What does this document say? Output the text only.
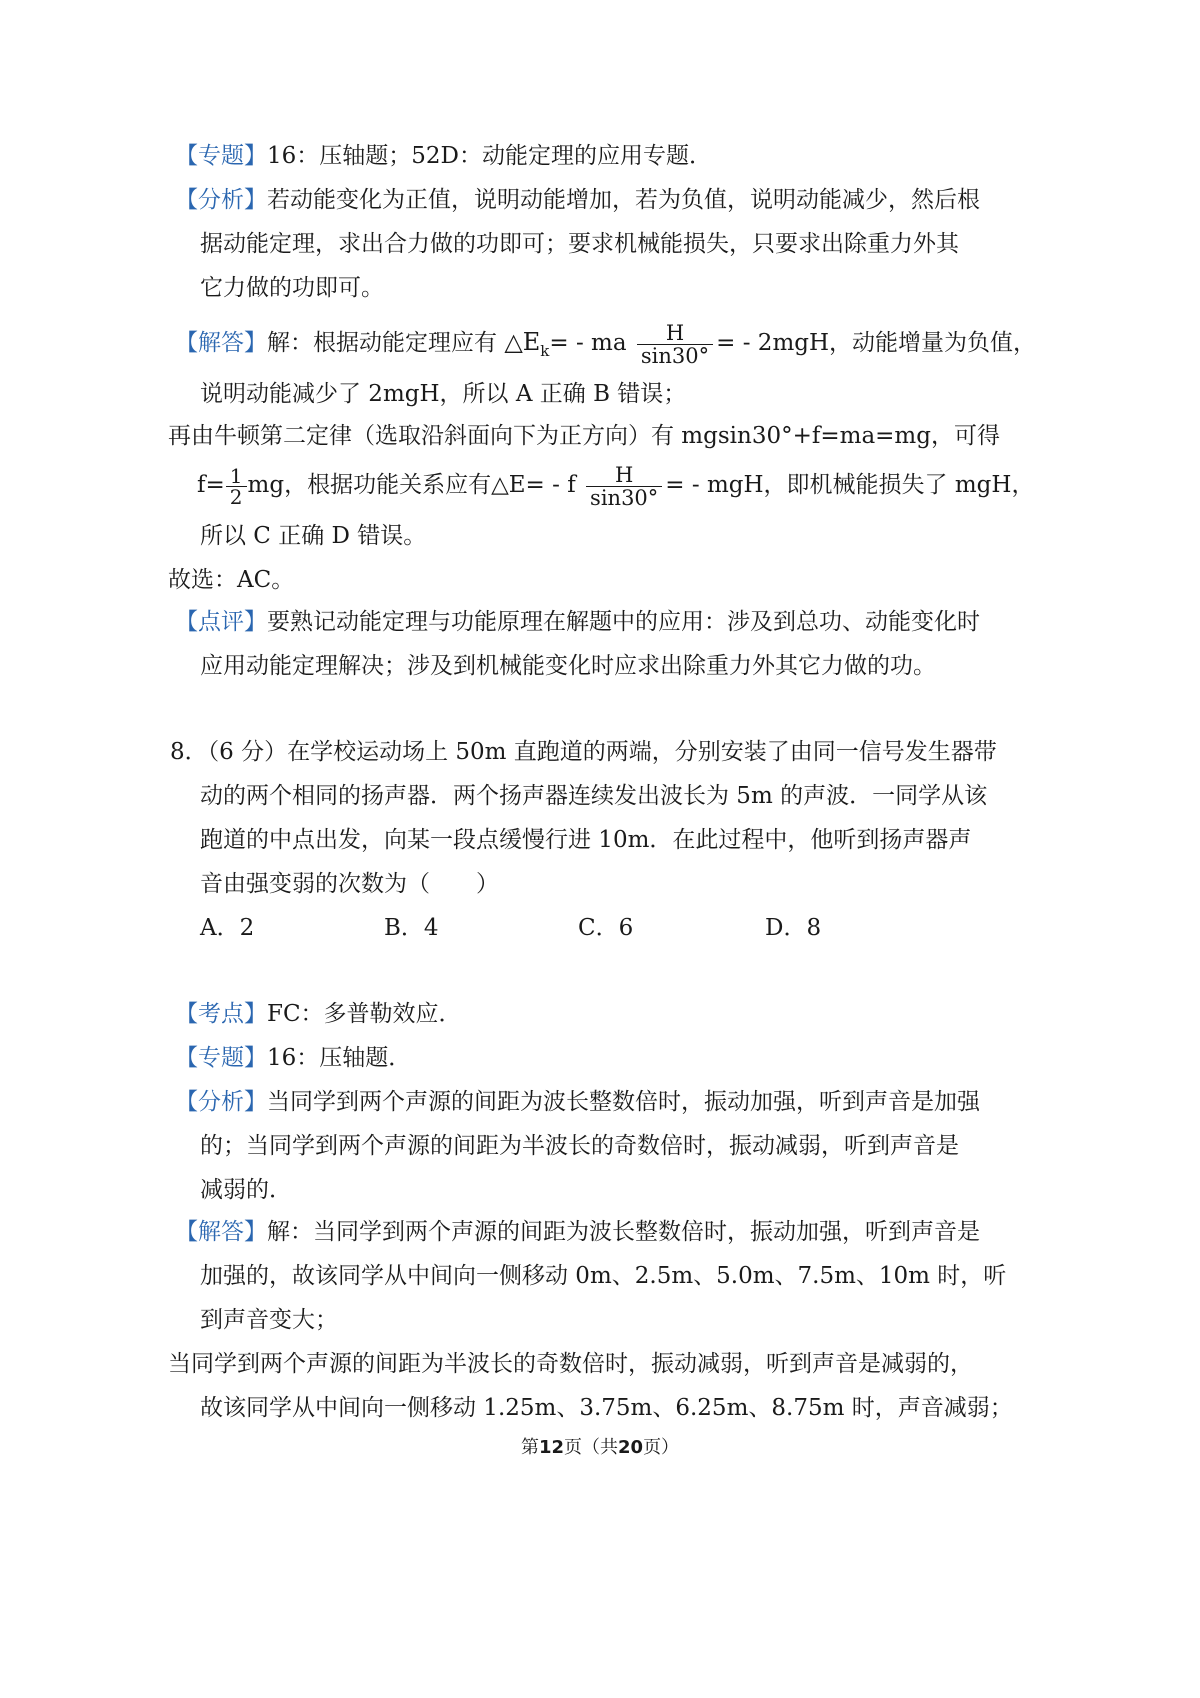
【专题】16：压轴题；52D：动能定理的应用专题．
【分析】若动能变化为正值，说明动能增加，若为负值，说明动能减少，然后根
据动能定理，求出合力做的功即可；要求机械能损失，只要求出除重力外其
它力做的功即可。
【解答】解：根据动能定理应有 $\triangle E_k=$ - ma $\frac{H}{\sin 30^\circ}$ = - 2mgH，动能增量为负值，
说明动能减少了 2mgH，所以 A 正确 B 错误；
再由牛顿第二定律（选取沿斜面向下为正方向）有 mgsin30°+f=ma=mg，可得
$f= \frac{1}{2}$ mg，根据功能关系应有△E= - f $\frac{H}{\sin 30^\circ}$ = - mgH，即机械能损失了 mgH，
所以 C 正确 D 错误。
故选：AC。
【点评】要熟记动能定理与功能原理在解题中的应用：涉及到总功、动能变化时
应用动能定理解决；涉及到机械能变化时应求出除重力外其它力做的功。
8．（6 分）在学校运动场上 50m 直跑道的两端，分别安装了由同一信号发生器带
动的两个相同的扬声器．两个扬声器连续发出波长为 5m 的声波．一同学从该
跑道的中点出发，向某一段点缓慢行进 10m．在此过程中，他听到扬声器声
音由强变弱的次数为（　　）
A．2	B．4	C．6	D．8
【考点】FC：多普勒效应．
【专题】16：压轴题．
【分析】当同学到两个声源的间距为波长整数倍时，振动加强，听到声音是加强
的；当同学到两个声源的间距为半波长的奇数倍时，振动减弱，听到声音是
减弱的．
【解答】解：当同学到两个声源的间距为波长整数倍时，振动加强，听到声音是
加强的，故该同学从中间向一侧移动 0m、2.5m、5.0m、7.5m、10m 时，听
到声音变大；
当同学到两个声源的间距为半波长的奇数倍时，振动减弱，听到声音是减弱的，
故该同学从中间向一侧移动 1.25m、3.75m、6.25m、8.75m 时，声音减弱；
第12页（共20页）
